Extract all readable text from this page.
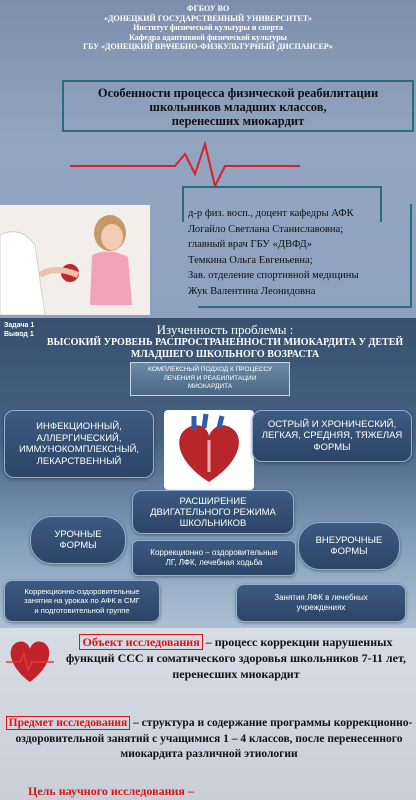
ФГБОУ ВО
«ДОНЕЦКИЙ ГОСУДАРСТВЕННЫЙ УНИВЕРСИТЕТ»
Институт физической культуры и спорта
Кафедра адаптивной физической культуры
ГБУ «ДОНЕЦКИЙ ВРАЧЕБНО-ФИЗКУЛЬТУРНЫЙ ДИСПАНСЕР»
Особенности процесса физической реабилитации
школьников младших классов,
перенесших миокардит
д-р физ. восп., доцент кафедры АФК
Логайло Светлана Станиславовна;
главный врач ГБУ «ДВФД»
Темкина Ольга Евгеньевна;
Зав. отделение спортивной медицины
Жук Валентина Леонидовна
Задача 1
Вывод 1	Изученность проблемы :
ВЫСОКИЙ УРОВЕНЬ РАСПРОСТРАНЕННОСТИ МИОКАРДИТА У ДЕТЕЙ
МЛАДШЕГО ШКОЛЬНОГО ВОЗРАСТА
КОМПЛЕКСНЫЙ ПОДХОД К ПРОЦЕССУ
ЛЕЧЕНИЯ И РЕАБИЛИТАЦИИ
МИОКАРДИТА
ИНФЕКЦИОННЫЙ,
АЛЛЕРГИЧЕСКИЙ,
ИММУНОКОМПЛЕКСНЫЙ,
ЛЕКАРСТВЕННЫЙ
ОСТРЫЙ И ХРОНИЧЕСКИЙ,
ЛЕГКАЯ, СРЕДНЯЯ, ТЯЖЕЛАЯ
ФОРМЫ
РАСШИРЕНИЕ
ДВИГАТЕЛЬНОГО РЕЖИМА
ШКОЛЬНИКОВ
УРОЧНЫЕ
ФОРМЫ	ВНЕУРОЧНЫЕ
ФОРМЫ
Коррекционно – оздоровительные
ЛГ, ЛФК, лечебная ходьба
Коррекционно-оздоровительные
занятия на уроках по АФК в СМГ
и подготовительной группе
Занятия ЛФК в лечебных
учреждениях
Объект исследования – процесс коррекции нарушенных функций ССС и соматического здоровья школьников 7-11 лет, перенесших миокардит
Предмет исследования – структура и содержание программы коррекционно-оздоровительной занятий с учащимися 1 – 4 классов, после перенесенного миокардита различной этиологии
Цель научного исследования –
